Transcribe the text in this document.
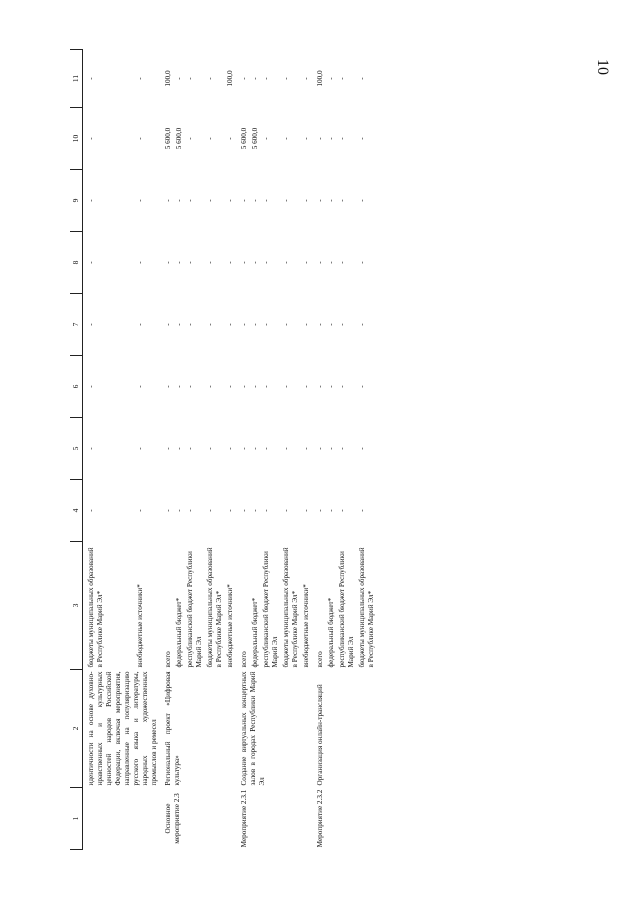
10
1	2	3	4	5	6	7	8	9	10	11
	идентичности на основе духовно-нравственных и культурных ценностей народов Российской Федерации, включая мероприятия, направленные на популяризацию русского языка и литературы, народных художественных промыслов и ремесел	бюджеты муниципальных образований в Республике Марий Эл*	-	-	-	-	-	-	-	-
		внебюджетные источники*	-	-	-	-	-	-	-	-
Основное мероприятие 2.3	Региональный проект «Цифровая культура»	всего	-	-	-	-	-	-	5 600,0	100,0
		федеральный бюджет*	-	-	-	-	-	-	5 600,0	-
		республиканский бюджет Республики Марий Эл	-	-	-	-	-	-	-	-
		бюджеты муниципальных образований в Республике Марий Эл*	-	-	-	-	-	-	-	-
		внебюджетные источники*	-	-	-	-	-	-	-	100,0
Мероприятие 2.3.1	Создание виртуальных концертных залов в городах Республики Марий Эл	всего	-	-	-	-	-	-	5 600,0	-
		федеральный бюджет*	-	-	-	-	-	-	5 600,0	-
		республиканский бюджет Республики Марий Эл	-	-	-	-	-	-	-	-
		бюджеты муниципальных образований в Республике Марий Эл*	-	-	-	-	-	-	-	-
		внебюджетные источники*	-	-	-	-	-	-	-	-
Мероприятие 2.3.2	Организация онлайн-трансляций	всего	-	-	-	-	-	-	-	100,0
		федеральный бюджет*	-	-	-	-	-	-	-	-
		республиканский бюджет Республики Марий Эл	-	-	-	-	-	-	-	-
		бюджеты муниципальных образований в Республике Марий Эл*	-	-	-	-	-	-	-	-
